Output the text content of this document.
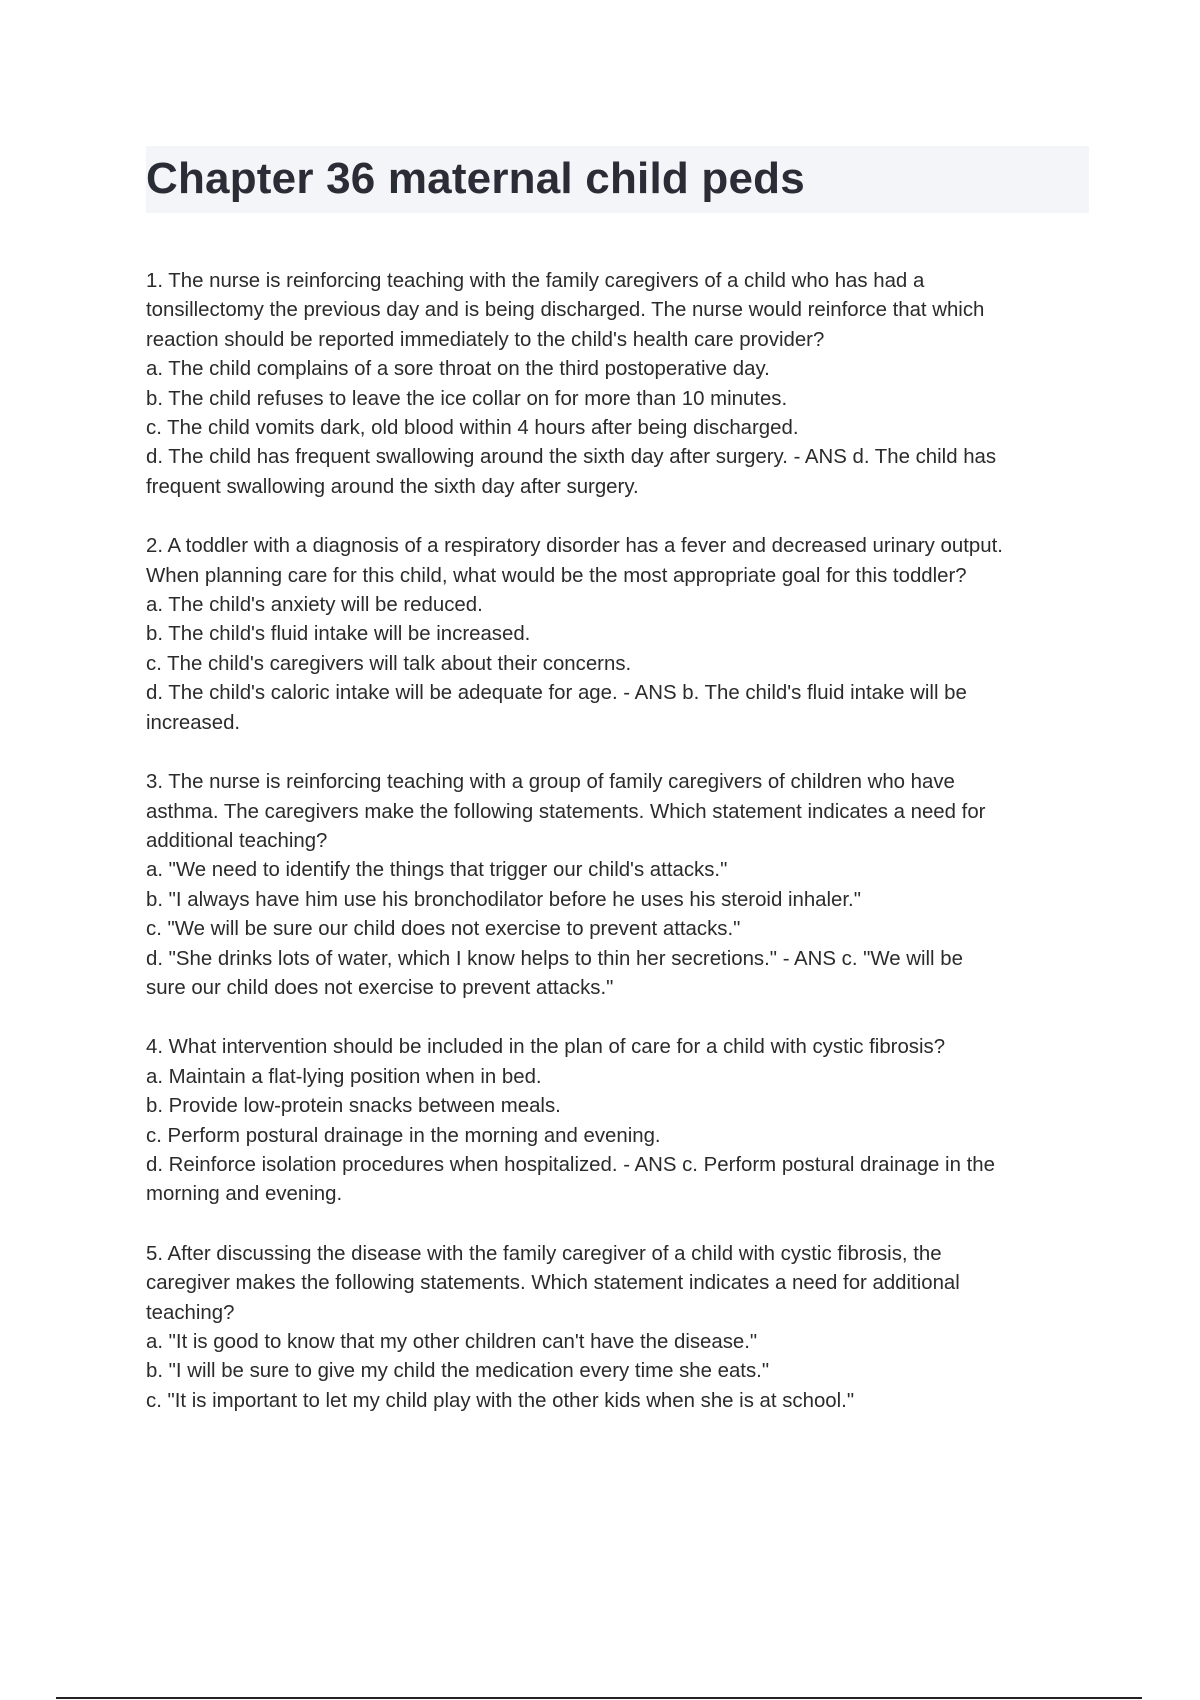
Chapter 36 maternal child peds
1. The nurse is reinforcing teaching with the family caregivers of a child who has had a
tonsillectomy the previous day and is being discharged. The nurse would reinforce that which
reaction should be reported immediately to the child's health care provider?
a. The child complains of a sore throat on the third postoperative day.
b. The child refuses to leave the ice collar on for more than 10 minutes.
c. The child vomits dark, old blood within 4 hours after being discharged.
d. The child has frequent swallowing around the sixth day after surgery. - ANS d. The child has
frequent swallowing around the sixth day after surgery.
2. A toddler with a diagnosis of a respiratory disorder has a fever and decreased urinary output.
When planning care for this child, what would be the most appropriate goal for this toddler?
a. The child's anxiety will be reduced.
b. The child's fluid intake will be increased.
c. The child's caregivers will talk about their concerns.
d. The child's caloric intake will be adequate for age. - ANS b. The child's fluid intake will be
increased.
3. The nurse is reinforcing teaching with a group of family caregivers of children who have
asthma. The caregivers make the following statements. Which statement indicates a need for
additional teaching?
a. "We need to identify the things that trigger our child's attacks."
b. "I always have him use his bronchodilator before he uses his steroid inhaler."
c. "We will be sure our child does not exercise to prevent attacks."
d. "She drinks lots of water, which I know helps to thin her secretions." - ANS c. "We will be
sure our child does not exercise to prevent attacks."
4. What intervention should be included in the plan of care for a child with cystic fibrosis?
a. Maintain a flat-lying position when in bed.
b. Provide low-protein snacks between meals.
c. Perform postural drainage in the morning and evening.
d. Reinforce isolation procedures when hospitalized. - ANS c. Perform postural drainage in the
morning and evening.
5. After discussing the disease with the family caregiver of a child with cystic fibrosis, the
caregiver makes the following statements. Which statement indicates a need for additional
teaching?
a. "It is good to know that my other children can't have the disease."
b. "I will be sure to give my child the medication every time she eats."
c. "It is important to let my child play with the other kids when she is at school."
